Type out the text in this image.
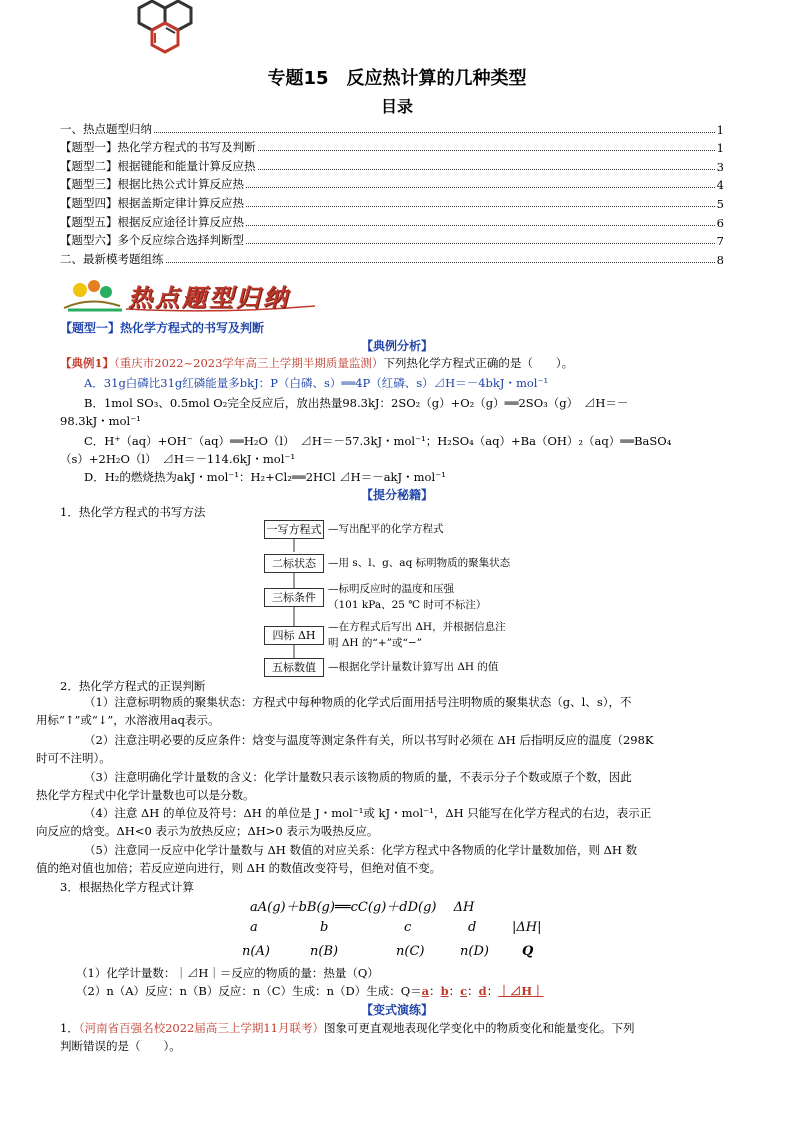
专题15　反应热计算的几种类型
目录
一、热点题型归纳	1
【题型一】热化学方程式的书写及判断	1
【题型二】根据键能和能量计算反应热	3
【题型三】根据比热公式计算反应热	4
【题型四】根据盖斯定律计算反应热	5
【题型五】根据反应途径计算反应热	6
【题型六】多个反应综合选择判断型	7
二、最新模考题组练	8
热点题型归纳
【题型一】热化学方程式的书写及判断
【典例分析】
【典例1】（重庆市2022~2023学年高三上学期半期质量监测）下列热化学方程式正确的是（　　）。
A．31g白磷比31g红磷能量多bkJ：P（白磷、s）══4P（红磷、s）⊿H＝－4bkJ・mol⁻¹
B．1mol SO₃、0.5mol O₂完全反应后，放出热量98.3kJ：2SO₂（g）+O₂（g）══2SO₃（g）　⊿H＝－
98.3kJ・mol⁻¹
C．H⁺（aq）+OH⁻（aq）══H₂O（l）　⊿H＝－57.3kJ・mol⁻¹；H₂SO₄（aq）+Ba（OH）₂（aq）══BaSO₄
（s）+2H₂O（l）　⊿H＝－114.6kJ・mol⁻¹
D．H₂的燃烧热为akJ・mol⁻¹：H₂+Cl₂══2HCl ⊿H＝－akJ・mol⁻¹
【提分秘籍】
1．热化学方程式的书写方法
一写方程式 —写出配平的化学方程式
二标状态	—用 s、l、g、aq 标明物质的聚集状态
三标条件
—标明反应时的温度和压强
（101 kPa、25 ℃ 时可不标注）
四标 ΔH
—在方程式后写出 ΔH，并根据信息注
明 ΔH 的“+”或“−”
五标数值	—根据化学计量数计算写出 ΔH 的值
2．热化学方程式的正误判断
（1）注意标明物质的聚集状态：方程式中每种物质的化学式后面用括号注明物质的聚集状态（g、l、s），不
用标“↑”或“↓”，水溶液用aq表示。
（2）注意注明必要的反应条件：焓变与温度等测定条件有关，所以书写时必须在 ΔH 后指明反应的温度（298K
时可不注明）。
（3）注意明确化学计量数的含义：化学计量数只表示该物质的物质的量，不表示分子个数或原子个数，因此
热化学方程式中化学计量数也可以是分数。
（4）注意 ΔH 的单位及符号：ΔH 的单位是 J・mol⁻¹或 kJ・mol⁻¹，ΔH 只能写在化学方程式的右边，表示正
向反应的焓变。ΔH<0 表示为放热反应；ΔH>0 表示为吸热反应。
（5）注意同一反应中化学计量数与 ΔH 数值的对应关系：化学方程式中各物质的化学计量数加倍，则 ΔH 数
值的绝对值也加倍；若反应逆向进行，则 ΔH 的数值改变符号，但绝对值不变。
3．根据热化学方程式计算
aA(g)＋bB(g)══cC(g)＋dD(g)　 ΔH
a	b	c	d	|ΔH|
n(A)	n(B)	n(C)	n(D)	Q
（1）化学计量数：｜⊿H｜＝反应的物质的量：热量（Q）
（2）n（A）反应：n（B）反应：n（C）生成：n（D）生成：Q＝a：b：c：d：｜⊿H｜
【变式演练】
1．（河南省百强名校2022届高三上学期11月联考）图象可更直观地表现化学变化中的物质变化和能量变化。下列
判断错误的是（　　）。
